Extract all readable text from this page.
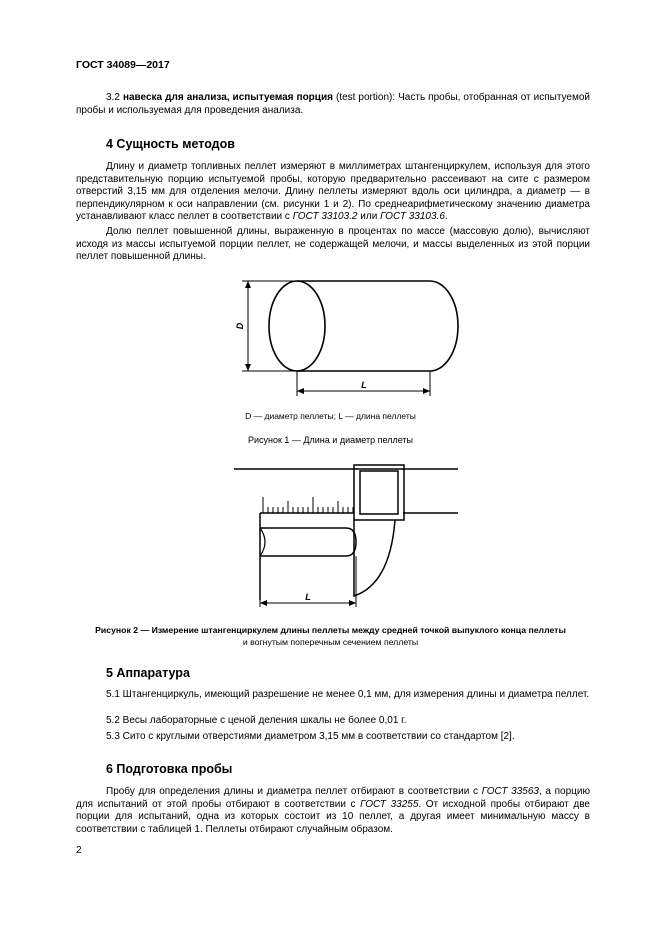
ГОСТ 34089—2017

3.2 навеска для анализа, испытуемая порция (test portion): Часть пробы, отобранная от испытуемой пробы и используемая для проведения анализа.

4 Сущность методов

Длину и диаметр топливных пеллет измеряют в миллиметрах штангенциркулем, используя для этого представительную порцию испытуемой пробы, которую предварительно рассеивают на сите с размером отверстий 3,15 мм для отделения мелочи. Длину пеллеты измеряют вдоль оси цилиндра, а диаметр — в перпендикулярном к оси направлении (см. рисунки 1 и 2). По среднеарифметическому значению диаметра устанавливают класс пеллет в соответствии с ГОСТ 33103.2 или ГОСТ 33103.6.

Долю пеллет повышенной длины, выраженную в процентах по массе (массовую долю), вычисляют исходя из массы испытуемой порции пеллет, не содержащей мелочи, и массы выделенных из этой порции пеллет повышенной длины.

D
L
D — диаметр пеллеты; L — длина пеллеты
Рисунок 1 — Длина и диаметр пеллеты
L
Рисунок 2 — Измерение штангенциркулем длины пеллеты между средней точкой выпуклого конца пеллеты
и вогнутым поперечным сечением пеллеты
5 Аппаратура

5.1 Штангенциркуль, имеющий разрешение не менее 0,1 мм, для измерения длины и диаметра пеллет.

5.2 Весы лабораторные с ценой деления шкалы не более 0,01 г.

5.3 Сито с круглыми отверстиями диаметром 3,15 мм в соответствии со стандартом [2].

6 Подготовка пробы

Пробу для определения длины и диаметра пеллет отбирают в соответствии с ГОСТ 33563, а порцию для испытаний от этой пробы отбирают в соответствии с ГОСТ 33255. От исходной пробы отбирают две порции для испытаний, одна из которых состоит из 10 пеллет, а другая имеет минимальную массу в соответствии с таблицей 1. Пеллеты отбирают случайным образом.

2
